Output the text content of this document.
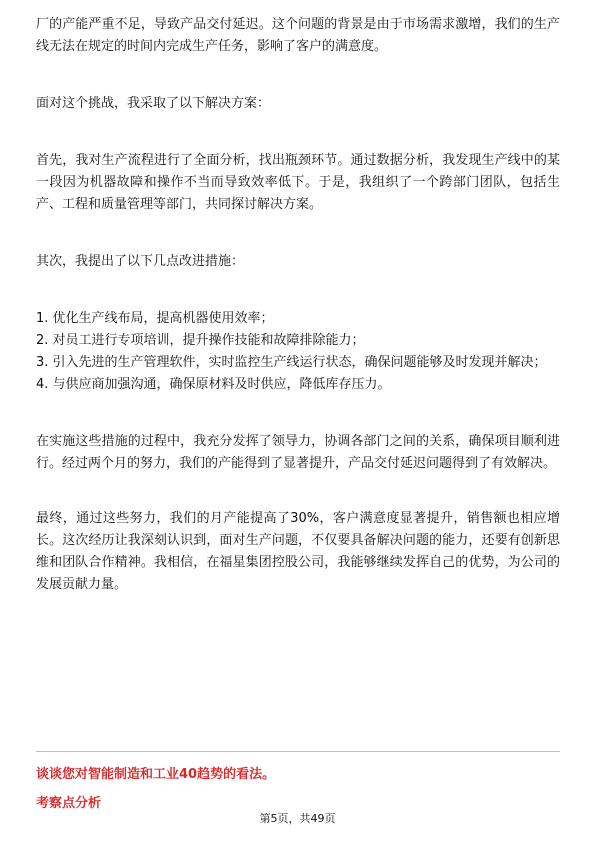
厂的产能严重不足，导致产品交付延迟。这个问题的背景是由于市场需求激增，我们的生产线无法在规定的时间内完成生产任务，影响了客户的满意度。

面对这个挑战，我采取了以下解决方案：

首先，我对生产流程进行了全面分析，找出瓶颈环节。通过数据分析，我发现生产线中的某一段因为机器故障和操作不当而导致效率低下。于是，我组织了一个跨部门团队，包括生产、工程和质量管理等部门，共同探讨解决方案。

其次，我提出了以下几点改进措施：

1. 优化生产线布局，提高机器使用效率；

2. 对员工进行专项培训，提升操作技能和故障排除能力；

3. 引入先进的生产管理软件，实时监控生产线运行状态，确保问题能够及时发现并解决；

4. 与供应商加强沟通，确保原材料及时供应，降低库存压力。

在实施这些措施的过程中，我充分发挥了领导力，协调各部门之间的关系，确保项目顺利进行。经过两个月的努力，我们的产能得到了显著提升，产品交付延迟问题得到了有效解决。

最终，通过这些努力，我们的月产能提高了30%，客户满意度显著提升，销售额也相应增长。这次经历让我深刻认识到，面对生产问题，不仅要具备解决问题的能力，还要有创新思维和团队合作精神。我相信，在福星集团控股公司，我能够继续发挥自己的优势，为公司的发展贡献力量。

谈谈您对智能制造和工业40趋势的看法。

考察点分析

第5页，共49页
